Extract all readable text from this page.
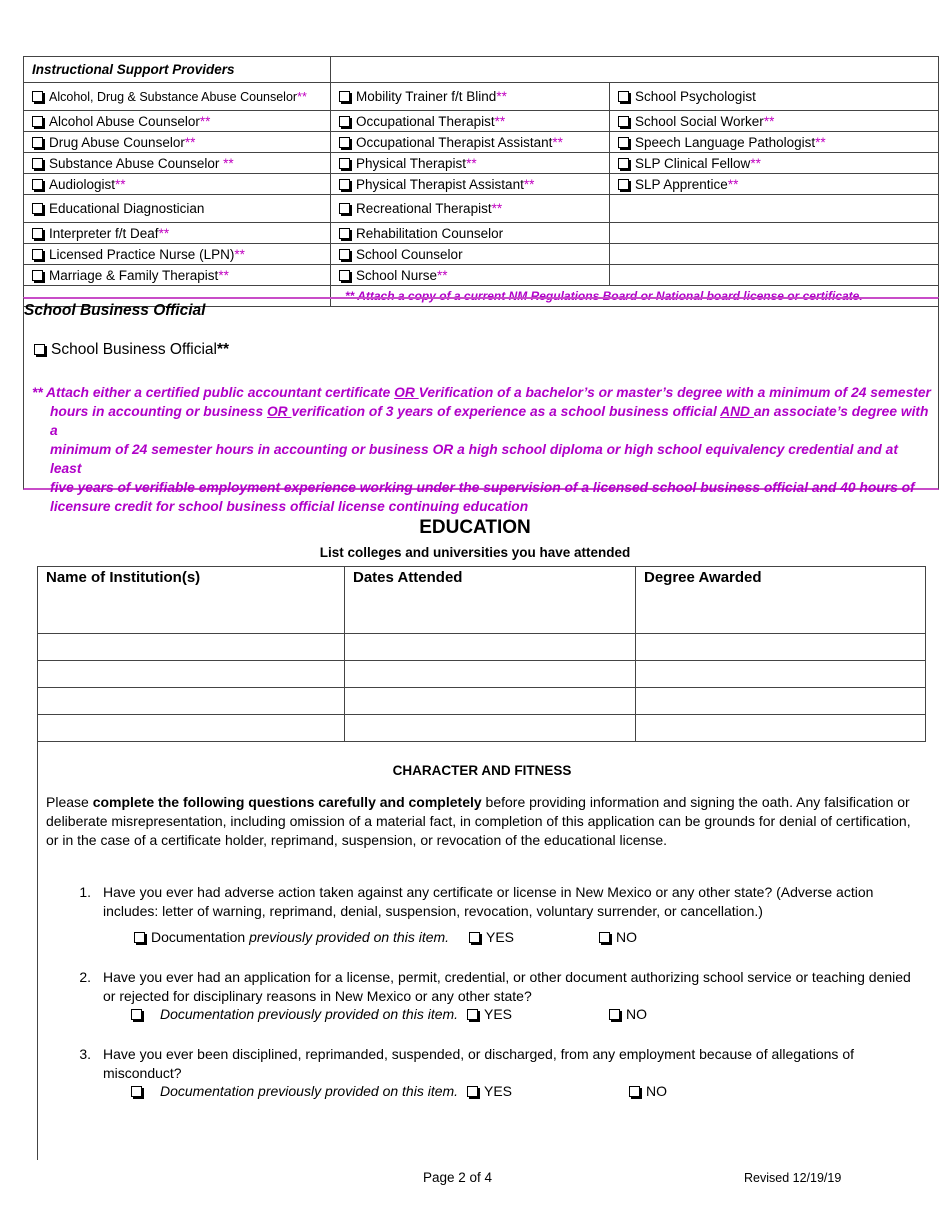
Instructional Support Providers		
Alcohol, Drug & Substance Abuse Counselor**	Mobility Trainer f/t Blind**	School Psychologist
Alcohol Abuse Counselor**	Occupational Therapist**	School Social Worker**
Drug Abuse Counselor**	Occupational Therapist Assistant**	Speech Language Pathologist**
Substance Abuse Counselor **	Physical Therapist**	SLP Clinical Fellow**
Audiologist**	Physical Therapist Assistant**	SLP Apprentice**
Educational Diagnostician	Recreational Therapist**	
Interpreter f/t Deaf**	Rehabilitation Counselor	
Licensed Practice Nurse (LPN)**	School Counselor	
Marriage & Family Therapist**	School Nurse**	
	** Attach a copy of a current NM Regulations Board or National board license or certificate.	
School Business Official
School Business Official**
** Attach either a certified public accountant certificate OR Verification of a bachelor’s or master’s degree with a minimum of 24 semester
hours in accounting or business OR verification of 3 years of experience as a school business official AND an associate’s degree with a
minimum of 24 semester hours in accounting or business OR a high school diploma or high school equivalency credential and at least
five years of verifiable employment experience working under the supervision of a licensed school business official and 40 hours of
licensure credit for school business official license continuing education
EDUCATION
List colleges and universities you have attended
Name of Institution(s)	Dates Attended	Degree Awarded

CHARACTER AND FITNESS
Please complete the following questions carefully and completely before providing information and signing the oath. Any falsification or deliberate misrepresentation, including omission of a material fact, in completion of this application can be grounds for denial of certification, or in the case of a certificate holder, reprimand, suspension, or revocation of the educational license.
1. Have you ever had adverse action taken against any certificate or license in New Mexico or any other state? (Adverse action includes: letter of warning, reprimand, denial, suspension, revocation, voluntary surrender, or cancellation.)
Documentation previously provided on this item.	YES	NO
2. Have you ever had an application for a license, permit, credential, or other document authorizing school service or teaching denied or rejected for disciplinary reasons in New Mexico or any other state?
Documentation previously provided on this item.	YES	NO
3. Have you ever been disciplined, reprimanded, suspended, or discharged, from any employment because of allegations of misconduct?
Documentation previously provided on this item.	YES	NO
Page 2 of 4	Revised 12/19/19
